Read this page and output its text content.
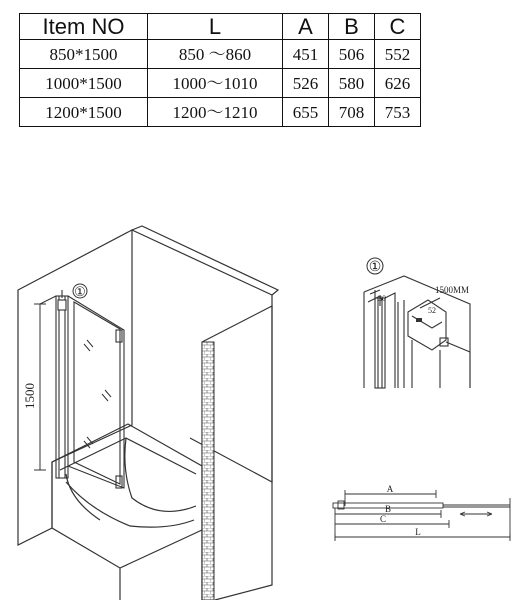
Item NO	L	A	B	C
850*1500	850 ～860	451	506	552
1000*1500	1000～1010	526	580	626
1200*1500	1200～1210	655	708	753
1500
①
①
1500MM
30
52
A
B
C
L
